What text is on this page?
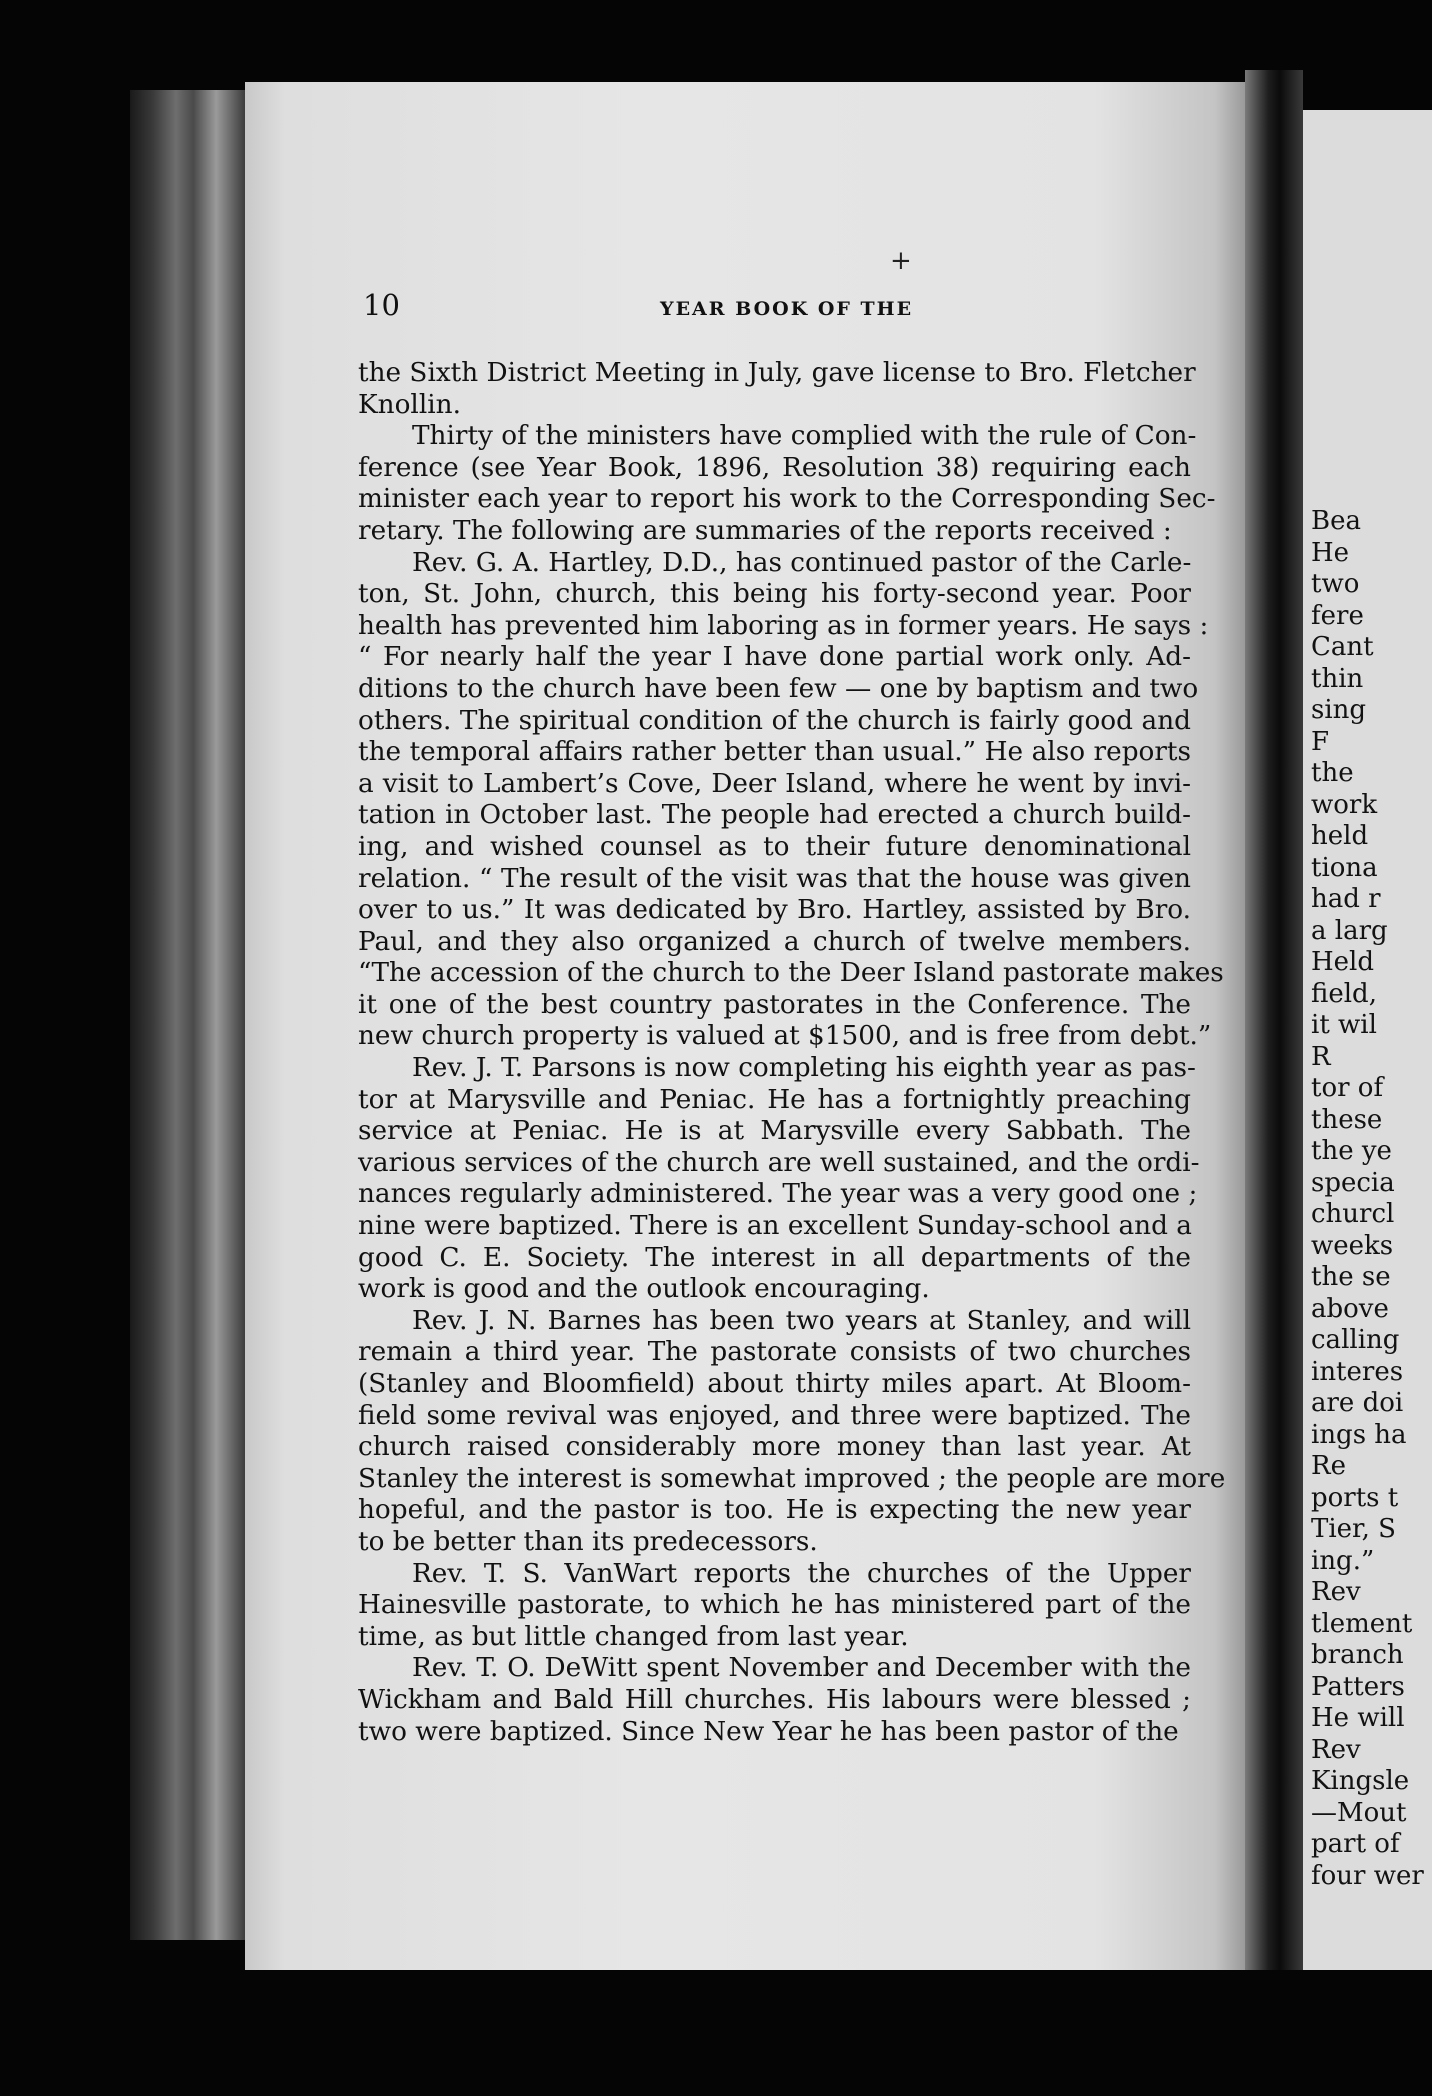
Bea
He
two
fere
Cant
thin
sing
F
the
work
held
tiona
had r
a larg
Held
field,
it wil
R
tor of
these
the ye
specia
churcl
weeks
the se
above
calling
interes
are doi
ings ha
Re
ports t
Tier, S
ing.”
Rev
tlement
branch
Patters
He will
Rev
Kingsle
—Mout
part of
four wer
10	YEAR BOOK OF THE
+
the Sixth District Meeting in July, gave license to Bro. Fletcher
Knollin.
Thirty of the ministers have complied with the rule of Con-
ference (see Year Book, 1896, Resolution 38) requiring each
minister each year to report his work to the Corresponding Sec-
retary. The following are summaries of the reports received :
Rev. G. A. Hartley, D.D., has continued pastor of the Carle-
ton, St. John, church, this being his forty-second year. Poor
health has prevented him laboring as in former years. He says :
“ For nearly half the year I have done partial work only. Ad-
ditions to the church have been few — one by baptism and two
others. The spiritual condition of the church is fairly good and
the temporal affairs rather better than usual.” He also reports
a visit to Lambert’s Cove, Deer Island, where he went by invi-
tation in October last. The people had erected a church build-
ing, and wished counsel as to their future denominational
relation. “ The result of the visit was that the house was given
over to us.” It was dedicated by Bro. Hartley, assisted by Bro.
Paul, and they also organized a church of twelve members.
“The accession of the church to the Deer Island pastorate makes
it one of the best country pastorates in the Conference. The
new church property is valued at $1500, and is free from debt.”
Rev. J. T. Parsons is now completing his eighth year as pas-
tor at Marysville and Peniac. He has a fortnightly preaching
service at Peniac. He is at Marysville every Sabbath. The
various services of the church are well sustained, and the ordi-
nances regularly administered. The year was a very good one ;
nine were baptized. There is an excellent Sunday-school and a
good C. E. Society. The interest in all departments of the
work is good and the outlook encouraging.
Rev. J. N. Barnes has been two years at Stanley, and will
remain a third year. The pastorate consists of two churches
(Stanley and Bloomfield) about thirty miles apart. At Bloom-
field some revival was enjoyed, and three were baptized. The
church raised considerably more money than last year. At
Stanley the interest is somewhat improved ; the people are more
hopeful, and the pastor is too. He is expecting the new year
to be better than its predecessors.
Rev. T. S. VanWart reports the churches of the Upper
Hainesville pastorate, to which he has ministered part of the
time, as but little changed from last year.
Rev. T. O. DeWitt spent November and December with the
Wickham and Bald Hill churches. His labours were blessed ;
two were baptized. Since New Year he has been pastor of the
